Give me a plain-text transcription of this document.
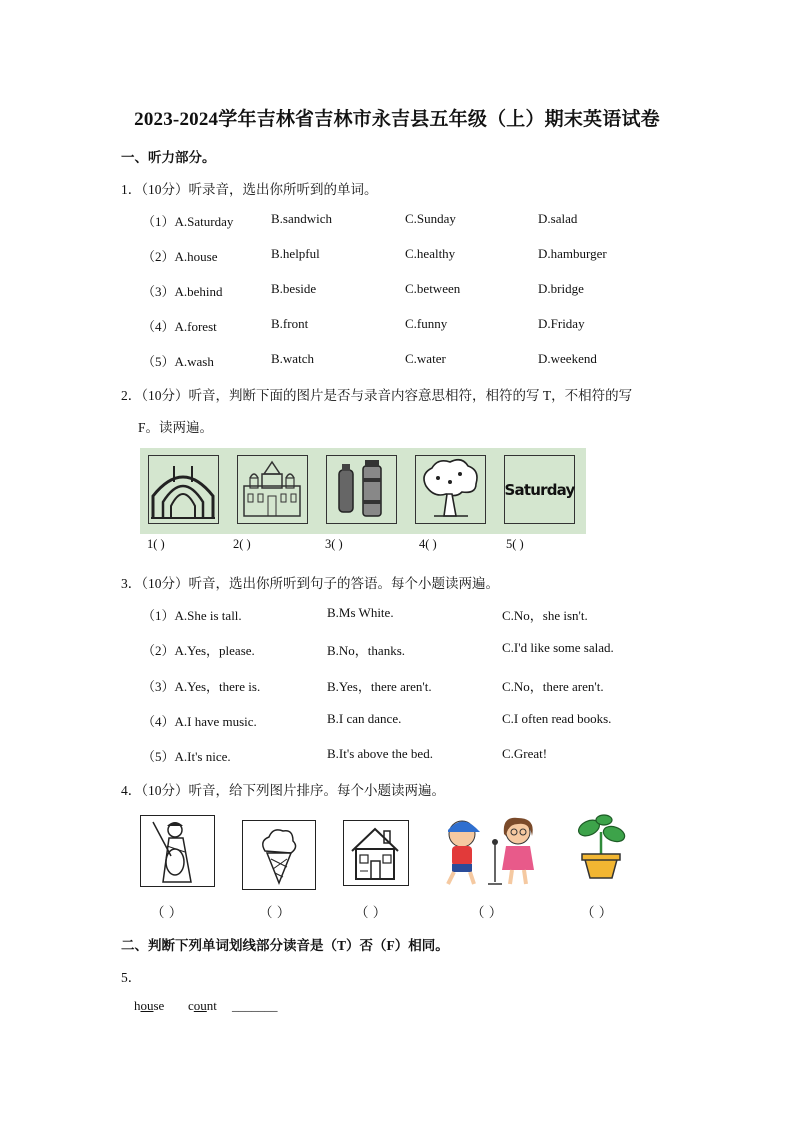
2023-2024学年吉林省吉林市永吉县五年级（上）期末英语试卷
一、听力部分。
1．（10分）听录音，选出你所听到的单词。
（1）A.Saturday	B.sandwich	C.Sunday	D.salad
（2）A.house	B.helpful	C.healthy	D.hamburger
（3）A.behind	B.beside	C.between	D.bridge
（4）A.forest	B.front	C.funny	D.Friday
（5）A.wash	B.watch	C.water	D.weekend
2．（10分）听音，判断下面的图片是否与录音内容意思相符，相符的写 T，不相符的写
F。读两遍。
Saturday
1( )	2( )	3( )	4( )	5( )
3．（10分）听音，选出你所听到句子的答语。每个小题读两遍。
（1）A.She is tall.	B.Ms White.	C.No，she isn't.
（2）A.Yes，please.	B.No，thanks.	C.I'd like some salad.
（3）A.Yes，there is.	B.Yes，there aren't.	C.No，there aren't.
（4）A.I have music.	B.I can dance.	C.I often read books.
（5）A.It's nice.	B.It's above the bed.	C.Great!
4．（10分）听音，给下列图片排序。每个小题读两遍。
（ ）	（ ）	（ ）	（ ）	（ ）
二、判断下列单词划线部分读音是（T）否（F）相同。
5．
house count _______
